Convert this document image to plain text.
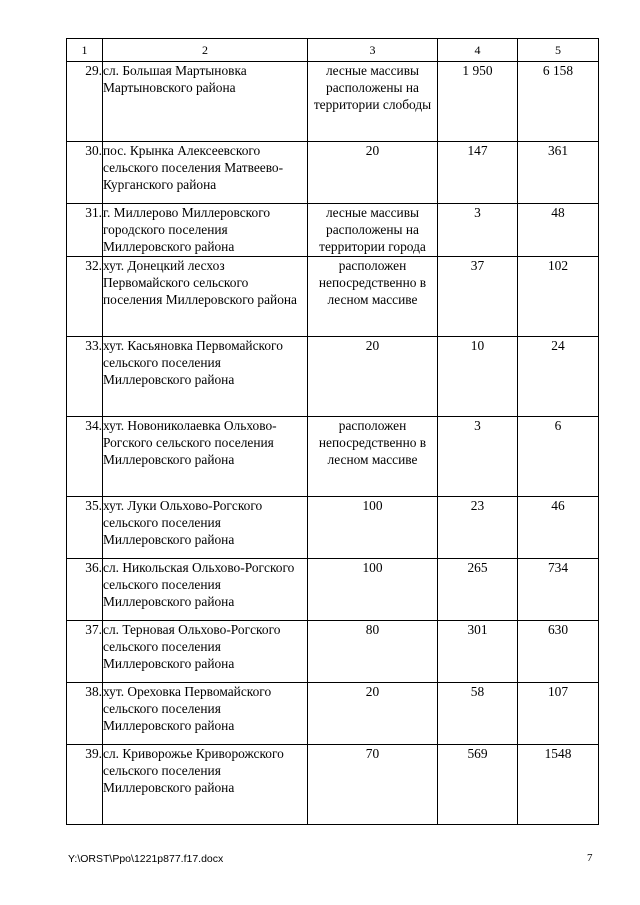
1	2	3	4	5
29.	сл. Большая Мартыновка Мартыновского района	лесные массивы расположены на территории слободы	1 950	6 158
30.	пос. Крынка Алексеевского сельского поселения Матвеево-Курганского района	20	147	361
31.	г. Миллерово Миллеровского городского поселения Миллеровского района	лесные массивы расположены на территории города	3	48
32.	хут. Донецкий лесхоз Первомайского сельского поселения Миллеровского района	расположен непосредственно в лесном массиве	37	102
33.	хут. Касьяновка Первомайского сельского поселения Миллеровского района	20	10	24
34.	хут. Новониколаевка Ольхово-Рогского сельского поселения Миллеровского района	расположен непосредственно в лесном массиве	3	6
35.	хут. Луки Ольхово-Рогского сельского поселения Миллеровского района	100	23	46
36.	сл. Никольская Ольхово-Рогского сельского поселения Миллеровского района	100	265	734
37.	сл. Терновая Ольхово-Рогского сельского поселения Миллеровского района	80	301	630
38.	хут. Ореховка Первомайского сельского поселения Миллеровского района	20	58	107
39.	сл. Криворожье Криворожского сельского поселения Миллеровского района	70	569	1548
Y:\ORST\Ppo\1221p877.f17.docx	7
